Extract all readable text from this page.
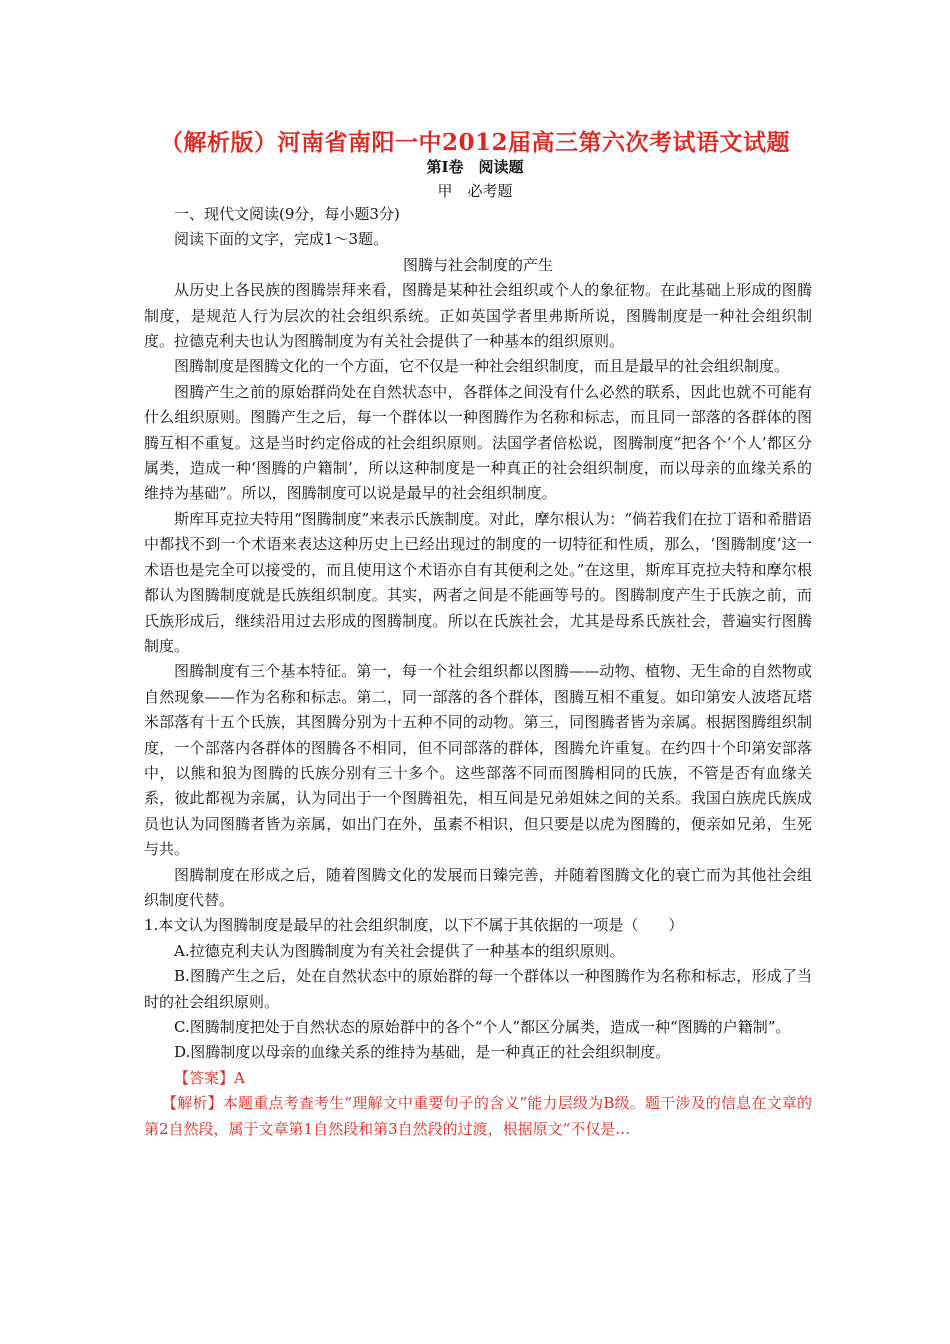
（解析版）河南省南阳一中2012届高三第六次考试语文试题
第Ⅰ卷　阅读题
甲　必考题

一、现代文阅读(9分，每小题3分)

阅读下面的文字，完成1～3题。

图腾与社会制度的产生

从历史上各民族的图腾崇拜来看，图腾是某种社会组织或个人的象征物。在此基础上形成的图腾制度，是规范人行为层次的社会组织系统。正如英国学者里弗斯所说，图腾制度是一种社会组织制度。拉德克利夫也认为图腾制度为有关社会提供了一种基本的组织原则。

图腾制度是图腾文化的一个方面，它不仅是一种社会组织制度，而且是最早的社会组织制度。

图腾产生之前的原始群尚处在自然状态中，各群体之间没有什么必然的联系，因此也就不可能有什么组织原则。图腾产生之后，每一个群体以一种图腾作为名称和标志，而且同一部落的各群体的图腾互相不重复。这是当时约定俗成的社会组织原则。法国学者倍松说，图腾制度“把各个‘个人’都区分属类，造成一种‘图腾的户籍制’，所以这种制度是一种真正的社会组织制度，而以母亲的血缘关系的维持为基础”。所以，图腾制度可以说是最早的社会组织制度。

斯库耳克拉夫特用“图腾制度”来表示氏族制度。对此，摩尔根认为：“倘若我们在拉丁语和希腊语中都找不到一个术语来表达这种历史上已经出现过的制度的一切特征和性质，那么，‘图腾制度’这一术语也是完全可以接受的，而且使用这个术语亦自有其便利之处。”在这里，斯库耳克拉夫特和摩尔根都认为图腾制度就是氏族组织制度。其实，两者之间是不能画等号的。图腾制度产生于氏族之前，而氏族形成后，继续沿用过去形成的图腾制度。所以在氏族社会，尤其是母系氏族社会，普遍实行图腾制度。

图腾制度有三个基本特征。第一，每一个社会组织都以图腾——动物、植物、无生命的自然物或自然现象——作为名称和标志。第二，同一部落的各个群体，图腾互相不重复。如印第安人波塔瓦塔米部落有十五个氏族，其图腾分别为十五种不同的动物。第三，同图腾者皆为亲属。根据图腾组织制度，一个部落内各群体的图腾各不相同，但不同部落的群体，图腾允许重复。在约四十个印第安部落中，以熊和狼为图腾的氏族分别有三十多个。这些部落不同而图腾相同的氏族，不管是否有血缘关系，彼此都视为亲属，认为同出于一个图腾祖先，相互间是兄弟姐妹之间的关系。我国白族虎氏族成员也认为同图腾者皆为亲属，如出门在外，虽素不相识，但只要是以虎为图腾的，便亲如兄弟，生死与共。

图腾制度在形成之后，随着图腾文化的发展而日臻完善，并随着图腾文化的衰亡而为其他社会组织制度代替。

1.本文认为图腾制度是最早的社会组织制度，以下不属于其依据的一项是（　　）

A.拉德克利夫认为图腾制度为有关社会提供了一种基本的组织原则。

B.图腾产生之后，处在自然状态中的原始群的每一个群体以一种图腾作为名称和标志，形成了当时的社会组织原则。

C.图腾制度把处于自然状态的原始群中的各个“个人”都区分属类，造成一种“图腾的户籍制”。

D.图腾制度以母亲的血缘关系的维持为基础，是一种真正的社会组织制度。

【答案】A

【解析】本题重点考查考生“理解文中重要句子的含义”能力层级为B级。题干涉及的信息在文章的第2自然段，属于文章第1自然段和第3自然段的过渡，根据原文“不仅是…
